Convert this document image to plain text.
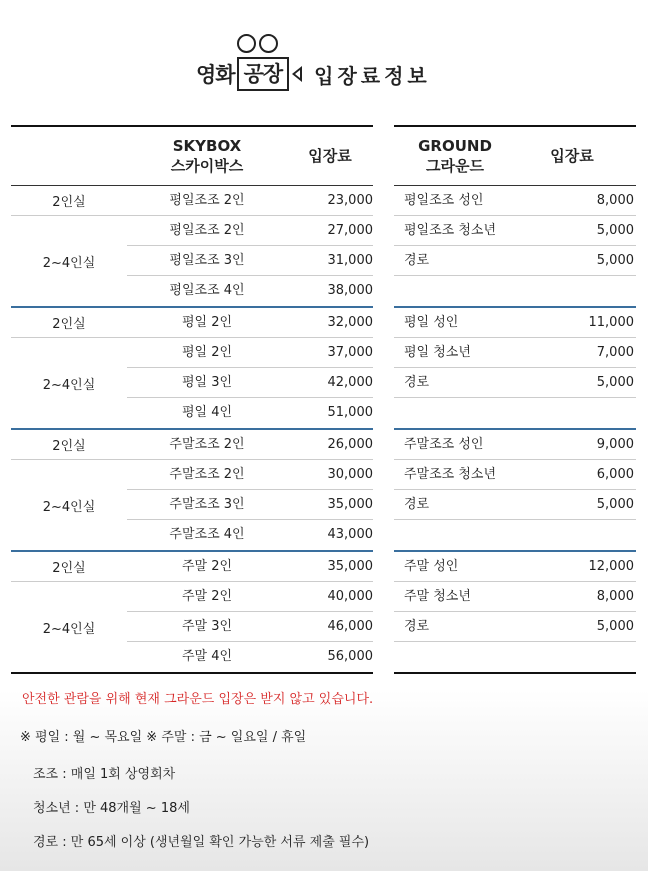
영화 공장	입장료정보
SKYBOX
스카이박스
입장료
2인실	평일조조 2인	23,000
2~4인실
평일조조 2인	27,000
평일조조 3인	31,000
평일조조 4인	38,000
2인실	평일 2인	32,000
2~4인실
평일 2인	37,000
평일 3인	42,000
평일 4인	51,000
2인실	주말조조 2인	26,000
2~4인실
주말조조 2인	30,000
주말조조 3인	35,000
주말조조 4인	43,000
2인실	주말 2인	35,000
2~4인실
주말 2인	40,000
주말 3인	46,000
주말 4인	56,000
GROUND
그라운드
입장료
평일조조 성인	8,000
평일조조 청소년	5,000
경로	5,000
평일 성인	11,000
평일 청소년	7,000
경로	5,000
주말조조 성인	9,000
주말조조 청소년	6,000
경로	5,000
주말 성인	12,000
주말 청소년	8,000
경로	5,000
안전한 관람을 위해 현재 그라운드 입장은 받지 않고 있습니다.
※ 평일 : 월 ~ 목요일 ※ 주말 : 금 ~ 일요일 / 휴일
조조 : 매일 1회 상영회차
청소년 : 만 48개월 ~ 18세
경로 : 만 65세 이상 (생년월일 확인 가능한 서류 제출 필수)
